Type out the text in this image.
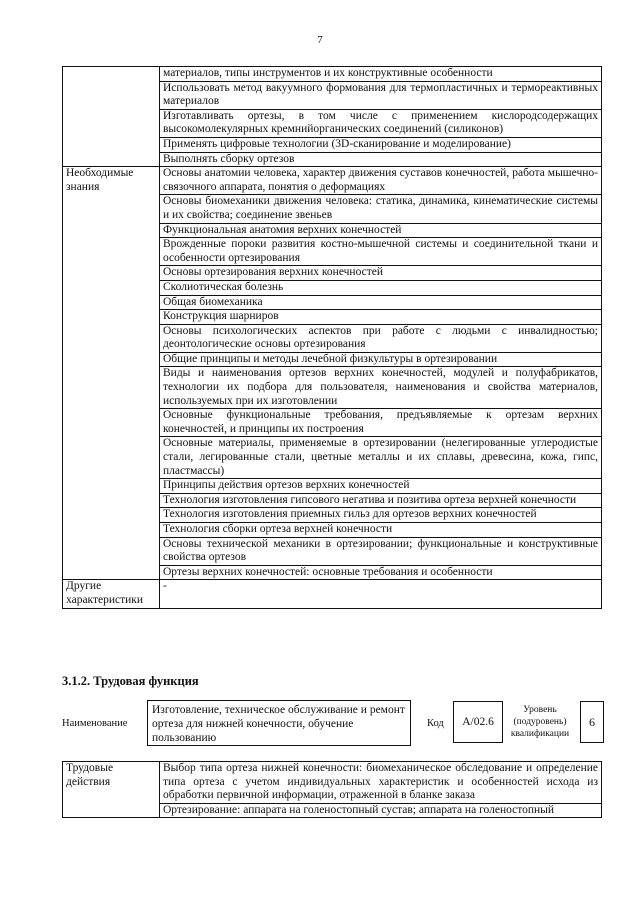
7
	материалов, типы инструментов и их конструктивные особенности
	Использовать метод вакуумного формования для термопластичных и термореактивных материалов
	Изготавливать ортезы, в том числе с применением кислородсодержащих высокомолекулярных кремнийорганических соединений (силиконов)
	Применять цифровые технологии (3D-сканирование и моделирование)
	Выполнять сборку ортезов
Необходимые знания	Основы анатомии человека, характер движения суставов конечностей, работа мышечно-связочного аппарата, понятия о деформациях
	Основы биомеханики движения человека: статика, динамика, кинематические системы и их свойства; соединение звеньев
	Функциональная анатомия верхних конечностей
	Врожденные пороки развития костно-мышечной системы и соединительной ткани и особенности ортезирования
	Основы ортезирования верхних конечностей
	Сколиотическая болезнь
	Общая биомеханика
	Конструкция шарниров
	Основы психологических аспектов при работе с людьми с инвалидностью; деонтологические основы ортезирования
	Общие принципы и методы лечебной физкультуры в ортезировании
	Виды и наименования ортезов верхних конечностей, модулей и полуфабрикатов, технологии их подбора для пользователя, наименования и свойства материалов, используемых при их изготовлении
	Основные функциональные требования, предъявляемые к ортезам верхних конечностей, и принципы их построения
	Основные материалы, применяемые в ортезировании (нелегированные углеродистые стали, легированные стали, цветные металлы и их сплавы, древесина, кожа, гипс, пластмассы)
	Принципы действия ортезов верхних конечностей
	Технология изготовления гипсового негатива и позитива ортеза верхней конечности
	Технология изготовления приемных гильз для ортезов верхних конечностей
	Технология сборки ортеза верхней конечности
	Основы технической механики в ортезировании; функциональные и конструктивные свойства ортезов
	Ортезы верхних конечностей: основные требования и особенности
Другие характеристики	-
3.1.2. Трудовая функция
Наименование
Изготовление, техническое обслуживание и ремонт ортеза для нижней конечности, обучение пользованию
Код	A/02.6
Уровень (подуровень) квалификации
6
Трудовые действия	Выбор типа ортеза нижней конечности: биомеханическое обследование и определение типа ортеза с учетом индивидуальных характеристик и особенностей исхода из обработки первичной информации, отраженной в бланке заказа
Ортезирование: аппарата на голеностопный сустав; аппарата на голеностопный
